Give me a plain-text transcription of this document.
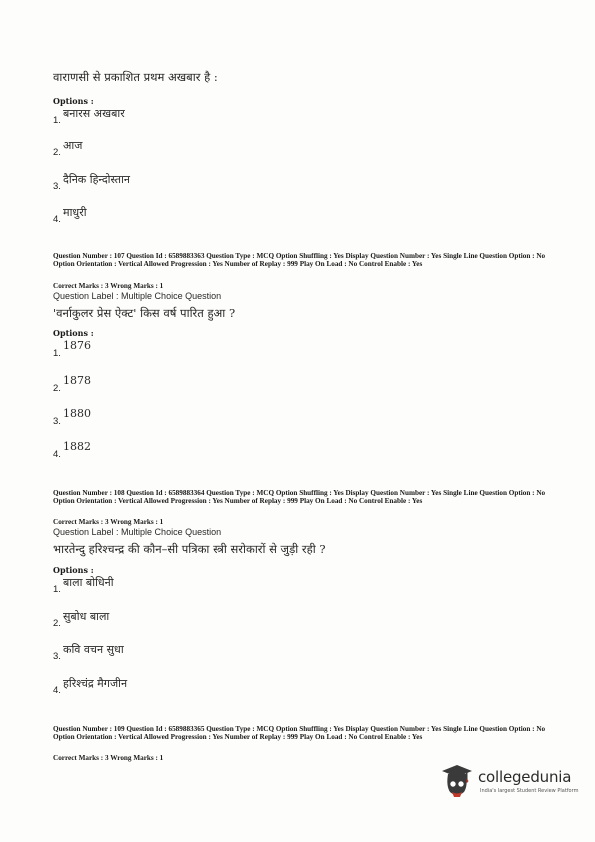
वाराणसी से प्रकाशित प्रथम अखबार है :
Options :
1.
बनारस अखबार
2.
आज
3.
दैनिक हिन्दोस्तान
4.
माधुरी
Question Number : 107 Question Id : 6589883363 Question Type : MCQ Option Shuffling : Yes Display Question Number : Yes Single Line Question Option : No Option Orientation : Vertical Allowed Progression : Yes Number of Replay : 999 Play On Load : No Control Enable : Yes
Correct Marks : 3 Wrong Marks : 1
Question Label : Multiple Choice Question
'वर्नाकुलर प्रेस ऐक्ट' किस वर्ष पारित हुआ ?
Options :
1.
1876
2.
1878
3.
1880
4.
1882
Question Number : 108 Question Id : 6589883364 Question Type : MCQ Option Shuffling : Yes Display Question Number : Yes Single Line Question Option : No Option Orientation : Vertical Allowed Progression : Yes Number of Replay : 999 Play On Load : No Control Enable : Yes
Correct Marks : 3 Wrong Marks : 1
Question Label : Multiple Choice Question
भारतेन्दु हरिश्चन्द्र की कौन–सी पत्रिका स्त्री सरोकारों से जुड़ी रही ?
Options :
1.
बाला बोधिनी
2.
सुबोध बाला
3.
कवि वचन सुधा
4.
हरिश्चंद्र मैगजीन
Question Number : 109 Question Id : 6589883365 Question Type : MCQ Option Shuffling : Yes Display Question Number : Yes Single Line Question Option : No Option Orientation : Vertical Allowed Progression : Yes Number of Replay : 999 Play On Load : No Control Enable : Yes
Correct Marks : 3 Wrong Marks : 1
collegedunia
India's largest Student Review Platform
